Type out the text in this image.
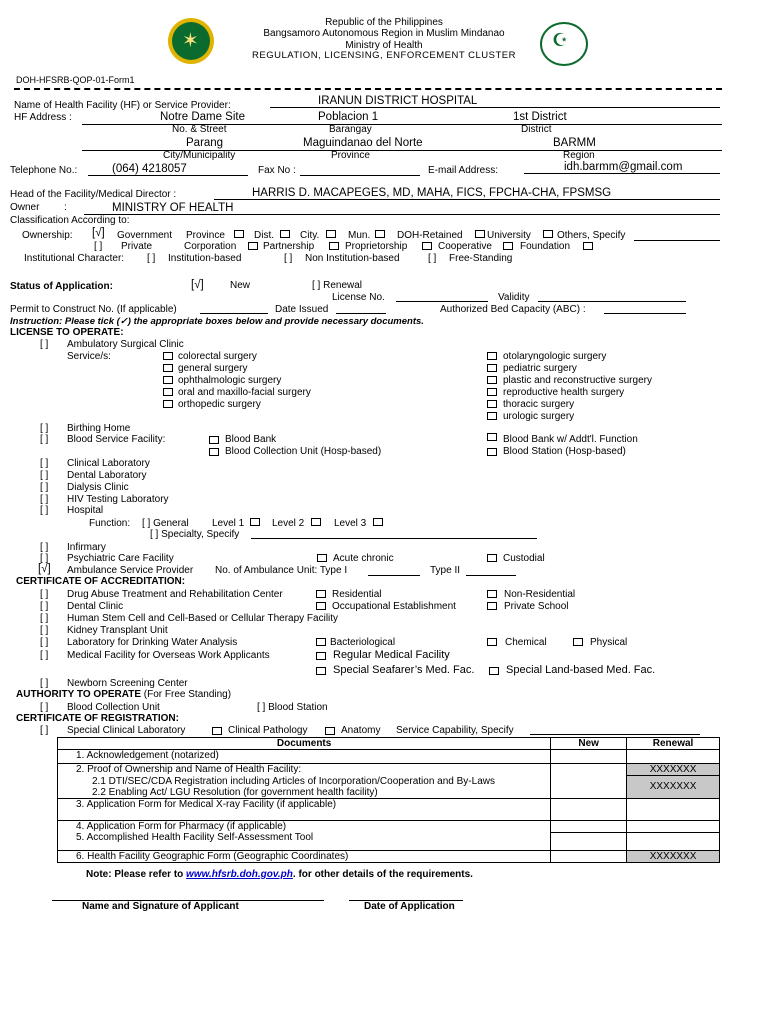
✶	☪
Republic of the Philippines
Bangsamoro Autonomous Region in Muslim Mindanao
Ministry of Health
REGULATION, LICENSING, ENFORCEMENT CLUSTER
DOH-HFSRB-QOP-01-Form1
Name of Health Facility (HF) or Service Provider:	IRANUN DISTRICT HOSPITAL
HF Address :	Notre Dame Site	Poblacion 1	1st District
No. & Street	Barangay	District
Parang	Maguindanao del Norte	BARMM
City/Municipality	Province	Region
Telephone No.:	(064) 4218057	Fax No :	E-mail Address:	idh.barmm@gmail.com
Head of the Facility/Medical Director :	HARRIS D. MACAPEGES, MD, MAHA, FICS, FPCHA-CHA, FPSMSG
Owner :	MINISTRY OF HEALTH
Classification According to:
Ownership: [√] Government Province	Dist.	City.	Mun.	DOH-Retained University	Others, Specify
[ ] Private	Corporation	Partnership	Proprietorship	Cooperative	Foundation
Institutional Character: [ ] Institution-based	[ ] Non Institution-based	[ ] Free-Standing
Status of Application:	[√]	New	[ ] Renewal
License No.	Validity
Permit to Construct No. (If applicable)	Date Issued	Authorized Bed Capacity (ABC) :
Instruction: Please tick (✓) the appropriate boxes below and provide necessary documents.
LICENSE TO OPERATE:
[ ] Ambulatory Surgical Clinic
Service/s:	colorectal surgery
general surgery
ophthalmologic surgery
oral and maxillo-facial surgery
orthopedic surgery
otolaryngologic surgery
pediatric surgery
plastic and reconstructive surgery
reproductive health surgery
thoracic surgery
urologic surgery
[ ] Birthing Home
[ ] Blood Service Facility:	Blood Bank
Blood Collection Unit (Hosp-based)
Blood Bank w/ Addt'l. Function
Blood Station (Hosp-based)
[ ] Clinical Laboratory
[ ] Dental Laboratory
[ ] Dialysis Clinic
[ ] HIV Testing Laboratory
[ ] Hospital
Function: [ ] General Level 1	Level 2	Level 3
[ ] Specialty, Specify
[ ] Infirmary
[ ] Psychiatric Care Facility	Acute chronic	Custodial
[√] Ambulance Service Provider No. of Ambulance Unit: Type I	Type II
CERTIFICATE OF ACCREDITATION:
[ ] Drug Abuse Treatment and Rehabilitation Center	Residential	Non-Residential
[ ] Dental Clinic	Occupational Establishment	Private School
[ ] Human Stem Cell and Cell-Based or Cellular Therapy Facility
[ ] Kidney Transplant Unit
[ ] Laboratory for Drinking Water Analysis	Bacteriological	Chemical	Physical
[ ] Medical Facility for Overseas Work Applicants	Regular Medical Facility
Special Seafarer’s Med. Fac.	Special Land-based Med. Fac.
[ ] Newborn Screening Center
AUTHORITY TO OPERATE (For Free Standing)
[ ] Blood Collection Unit	[ ] Blood Station
CERTIFICATE OF REGISTRATION:
[ ] Special Clinical Laboratory	Clinical Pathology	Anatomy Service Capability, Specify
Documents	New	Renewal
1. Acknowledgement (notarized)		
2. Proof of Ownership and Name of Health Facility:		XXXXXXX
2.1 DTI/SEC/CDA Registration including Articles of Incorporation/Cooperation and By-Laws		XXXXXXX
2.2 Enabling Act/ LGU Resolution (for government health facility)		
3. Application Form for Medical X-ray Facility (if applicable)		
4. Application Form for Pharmacy (if applicable)		
5. Accomplished Health Facility Self-Assessment Tool		
6. Health Facility Geographic Form (Geographic Coordinates)		XXXXXXX
Note: Please refer to www.hfsrb.doh.gov.ph. for other details of the requirements.
Name and Signature of Applicant	Date of Application
